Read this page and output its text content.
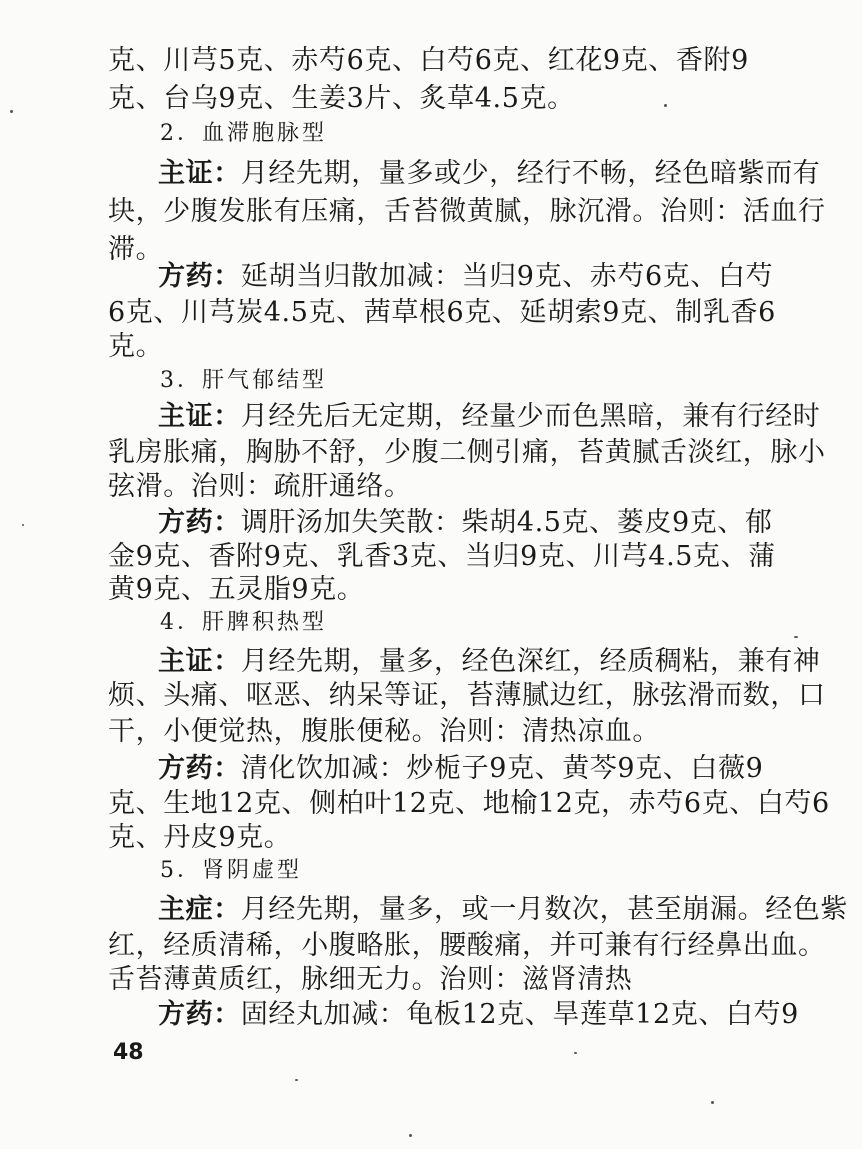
克、川芎5克、赤芍6克、白芍6克、红花9克、香附9
克、台乌9克、生姜3片、炙草4.5克。
2．血滞胞脉型
主证：月经先期，量多或少，经行不畅，经色暗紫而有
块，少腹发胀有压痛，舌苔微黄腻，脉沉滑。治则：活血行
滞。
方药：延胡当归散加减：当归9克、赤芍6克、白芍
6克、川芎炭4.5克、茜草根6克、延胡索9克、制乳香6
克。
3．肝气郁结型
主证：月经先后无定期，经量少而色黑暗，兼有行经时
乳房胀痛，胸胁不舒，少腹二侧引痛，苔黄腻舌淡红，脉小
弦滑。治则：疏肝通络。
方药：调肝汤加失笑散：柴胡4.5克、蒌皮9克、郁
金9克、香附9克、乳香3克、当归9克、川芎4.5克、蒲
黄9克、五灵脂9克。
4．肝脾积热型
主证：月经先期，量多，经色深红，经质稠粘，兼有神
烦、头痛、呕恶、纳呆等证，苔薄腻边红，脉弦滑而数，口
干，小便觉热，腹胀便秘。治则：清热凉血。
方药：清化饮加减：炒栀子9克、黄芩9克、白薇9
克、生地12克、侧柏叶12克、地榆12克，赤芍6克、白芍6
克、丹皮9克。
5．肾阴虚型
主症：月经先期，量多，或一月数次，甚至崩漏。经色紫
红，经质清稀，小腹略胀，腰酸痛，并可兼有行经鼻出血。
舌苔薄黄质红，脉细无力。治则：滋肾清热
方药：固经丸加减：龟板12克、旱莲草12克、白芍9
48
